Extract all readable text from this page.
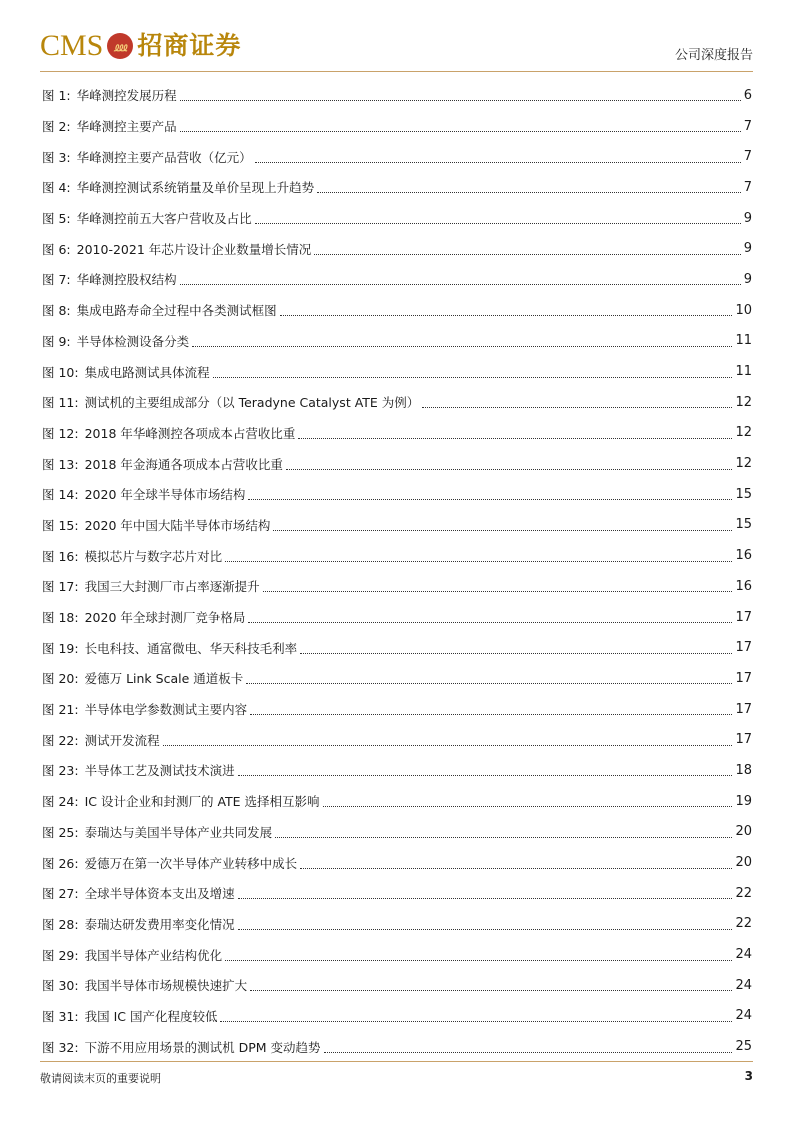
CMS ⅏ 招商证券	公司深度报告
图 1: 华峰测控发展历程	6
图 2: 华峰测控主要产品	7
图 3: 华峰测控主要产品营收（亿元）	7
图 4: 华峰测控测试系统销量及单价呈现上升趋势	7
图 5: 华峰测控前五大客户营收及占比	9
图 6: 2010-2021 年芯片设计企业数量增长情况	9
图 7: 华峰测控股权结构	9
图 8: 集成电路寿命全过程中各类测试框图	10
图 9: 半导体检测设备分类	11
图 10: 集成电路测试具体流程	11
图 11: 测试机的主要组成部分（以 Teradyne Catalyst ATE 为例）	12
图 12: 2018 年华峰测控各项成本占营收比重	12
图 13: 2018 年金海通各项成本占营收比重	12
图 14: 2020 年全球半导体市场结构	15
图 15: 2020 年中国大陆半导体市场结构	15
图 16: 模拟芯片与数字芯片对比	16
图 17: 我国三大封测厂市占率逐渐提升	16
图 18: 2020 年全球封测厂竞争格局	17
图 19: 长电科技、通富微电、华天科技毛利率	17
图 20: 爱德万 Link Scale 通道板卡	17
图 21: 半导体电学参数测试主要内容	17
图 22: 测试开发流程	17
图 23: 半导体工艺及测试技术演进	18
图 24: IC 设计企业和封测厂的 ATE 选择相互影响	19
图 25: 泰瑞达与美国半导体产业共同发展	20
图 26: 爱德万在第一次半导体产业转移中成长	20
图 27: 全球半导体资本支出及增速	22
图 28: 泰瑞达研发费用率变化情况	22
图 29: 我国半导体产业结构优化	24
图 30: 我国半导体市场规模快速扩大	24
图 31: 我国 IC 国产化程度较低	24
图 32: 下游不用应用场景的测试机 DPM 变动趋势	25
敬请阅读末页的重要说明	3
